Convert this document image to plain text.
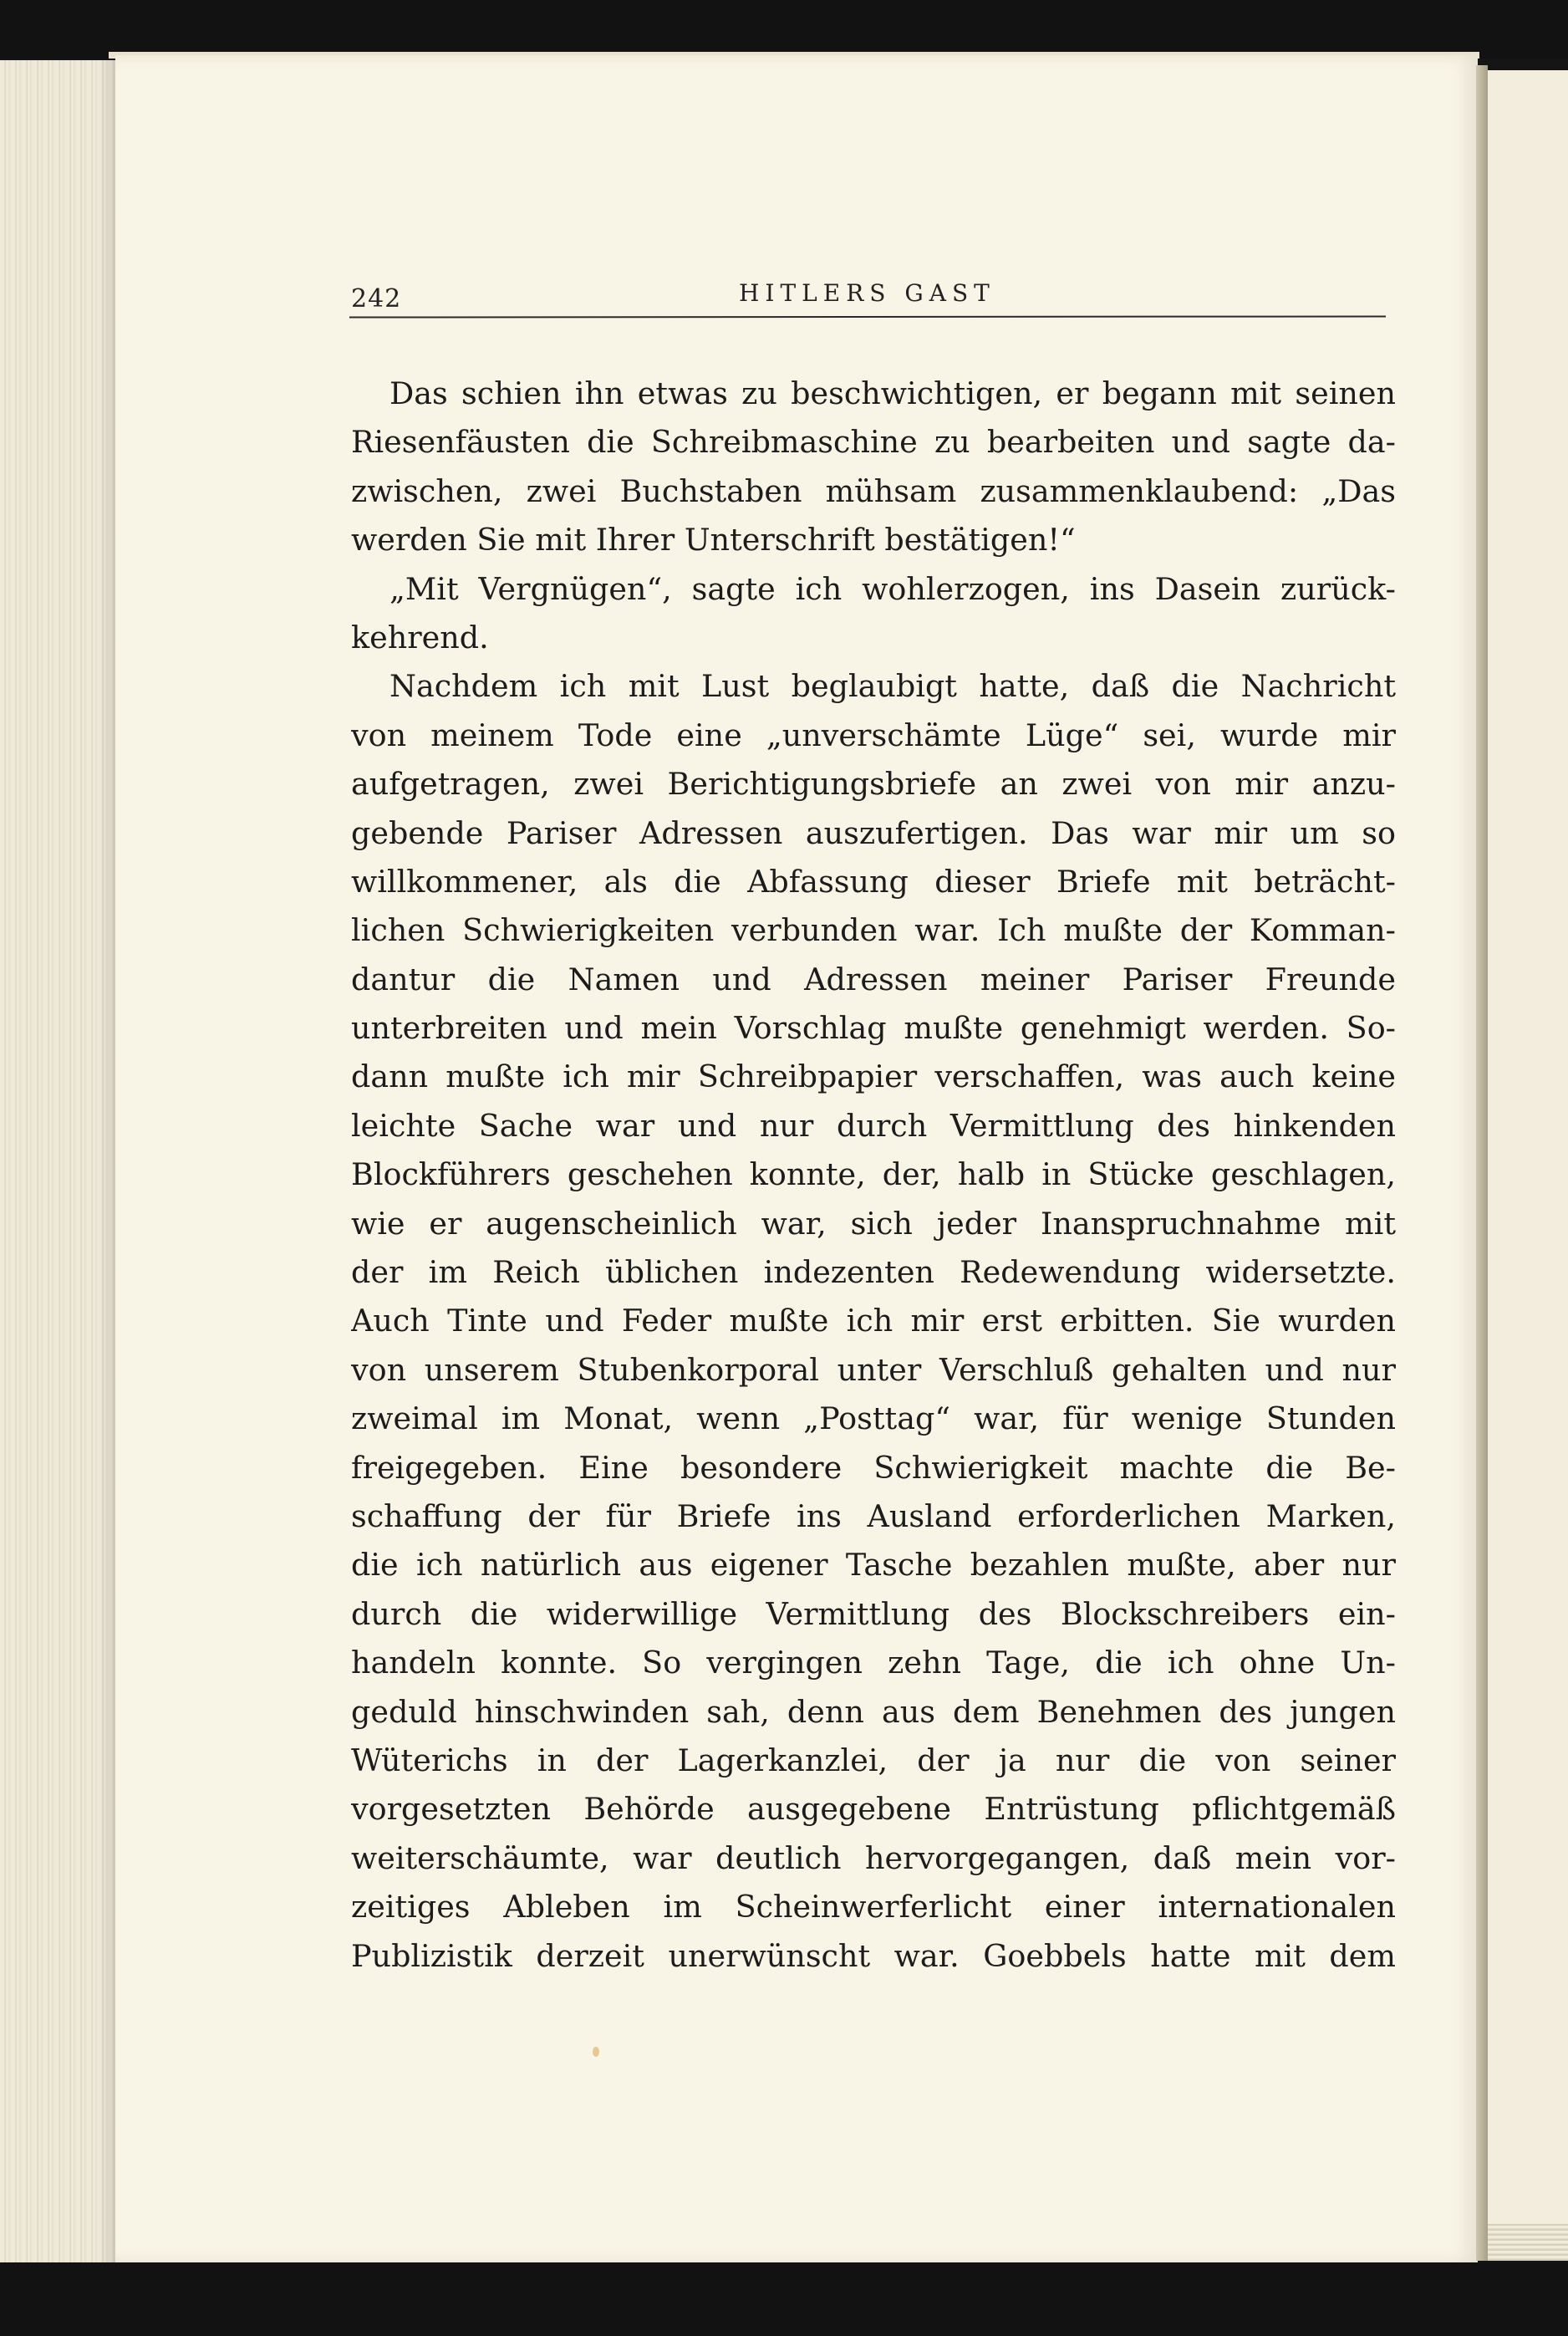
242	HITLERS GAST
Das schien ihn etwas zu beschwichtigen, er begann mit seinen
Riesenfäusten die Schreibmaschine zu bearbeiten und sagte da-
zwischen, zwei Buchstaben mühsam zusammenklaubend: „Das
werden Sie mit Ihrer Unterschrift bestätigen!“
„Mit Vergnügen“, sagte ich wohlerzogen, ins Dasein zurück-
kehrend.
Nachdem ich mit Lust beglaubigt hatte, daß die Nachricht
von meinem Tode eine „unverschämte Lüge“ sei, wurde mir
aufgetragen, zwei Berichtigungsbriefe an zwei von mir anzu-
gebende Pariser Adressen auszufertigen. Das war mir um so
willkommener, als die Abfassung dieser Briefe mit beträcht-
lichen Schwierigkeiten verbunden war. Ich mußte der Komman-
dantur die Namen und Adressen meiner Pariser Freunde
unterbreiten und mein Vorschlag mußte genehmigt werden. So-
dann mußte ich mir Schreibpapier verschaffen, was auch keine
leichte Sache war und nur durch Vermittlung des hinkenden
Blockführers geschehen konnte, der, halb in Stücke geschlagen,
wie er augenscheinlich war, sich jeder Inanspruchnahme mit
der im Reich üblichen indezenten Redewendung widersetzte.
Auch Tinte und Feder mußte ich mir erst erbitten. Sie wurden
von unserem Stubenkorporal unter Verschluß gehalten und nur
zweimal im Monat, wenn „Posttag“ war, für wenige Stunden
freigegeben. Eine besondere Schwierigkeit machte die Be-
schaffung der für Briefe ins Ausland erforderlichen Marken,
die ich natürlich aus eigener Tasche bezahlen mußte, aber nur
durch die widerwillige Vermittlung des Blockschreibers ein-
handeln konnte. So vergingen zehn Tage, die ich ohne Un-
geduld hinschwinden sah, denn aus dem Benehmen des jungen
Wüterichs in der Lagerkanzlei, der ja nur die von seiner
vorgesetzten Behörde ausgegebene Entrüstung pflichtgemäß
weiterschäumte, war deutlich hervorgegangen, daß mein vor-
zeitiges Ableben im Scheinwerferlicht einer internationalen
Publizistik derzeit unerwünscht war. Goebbels hatte mit dem
